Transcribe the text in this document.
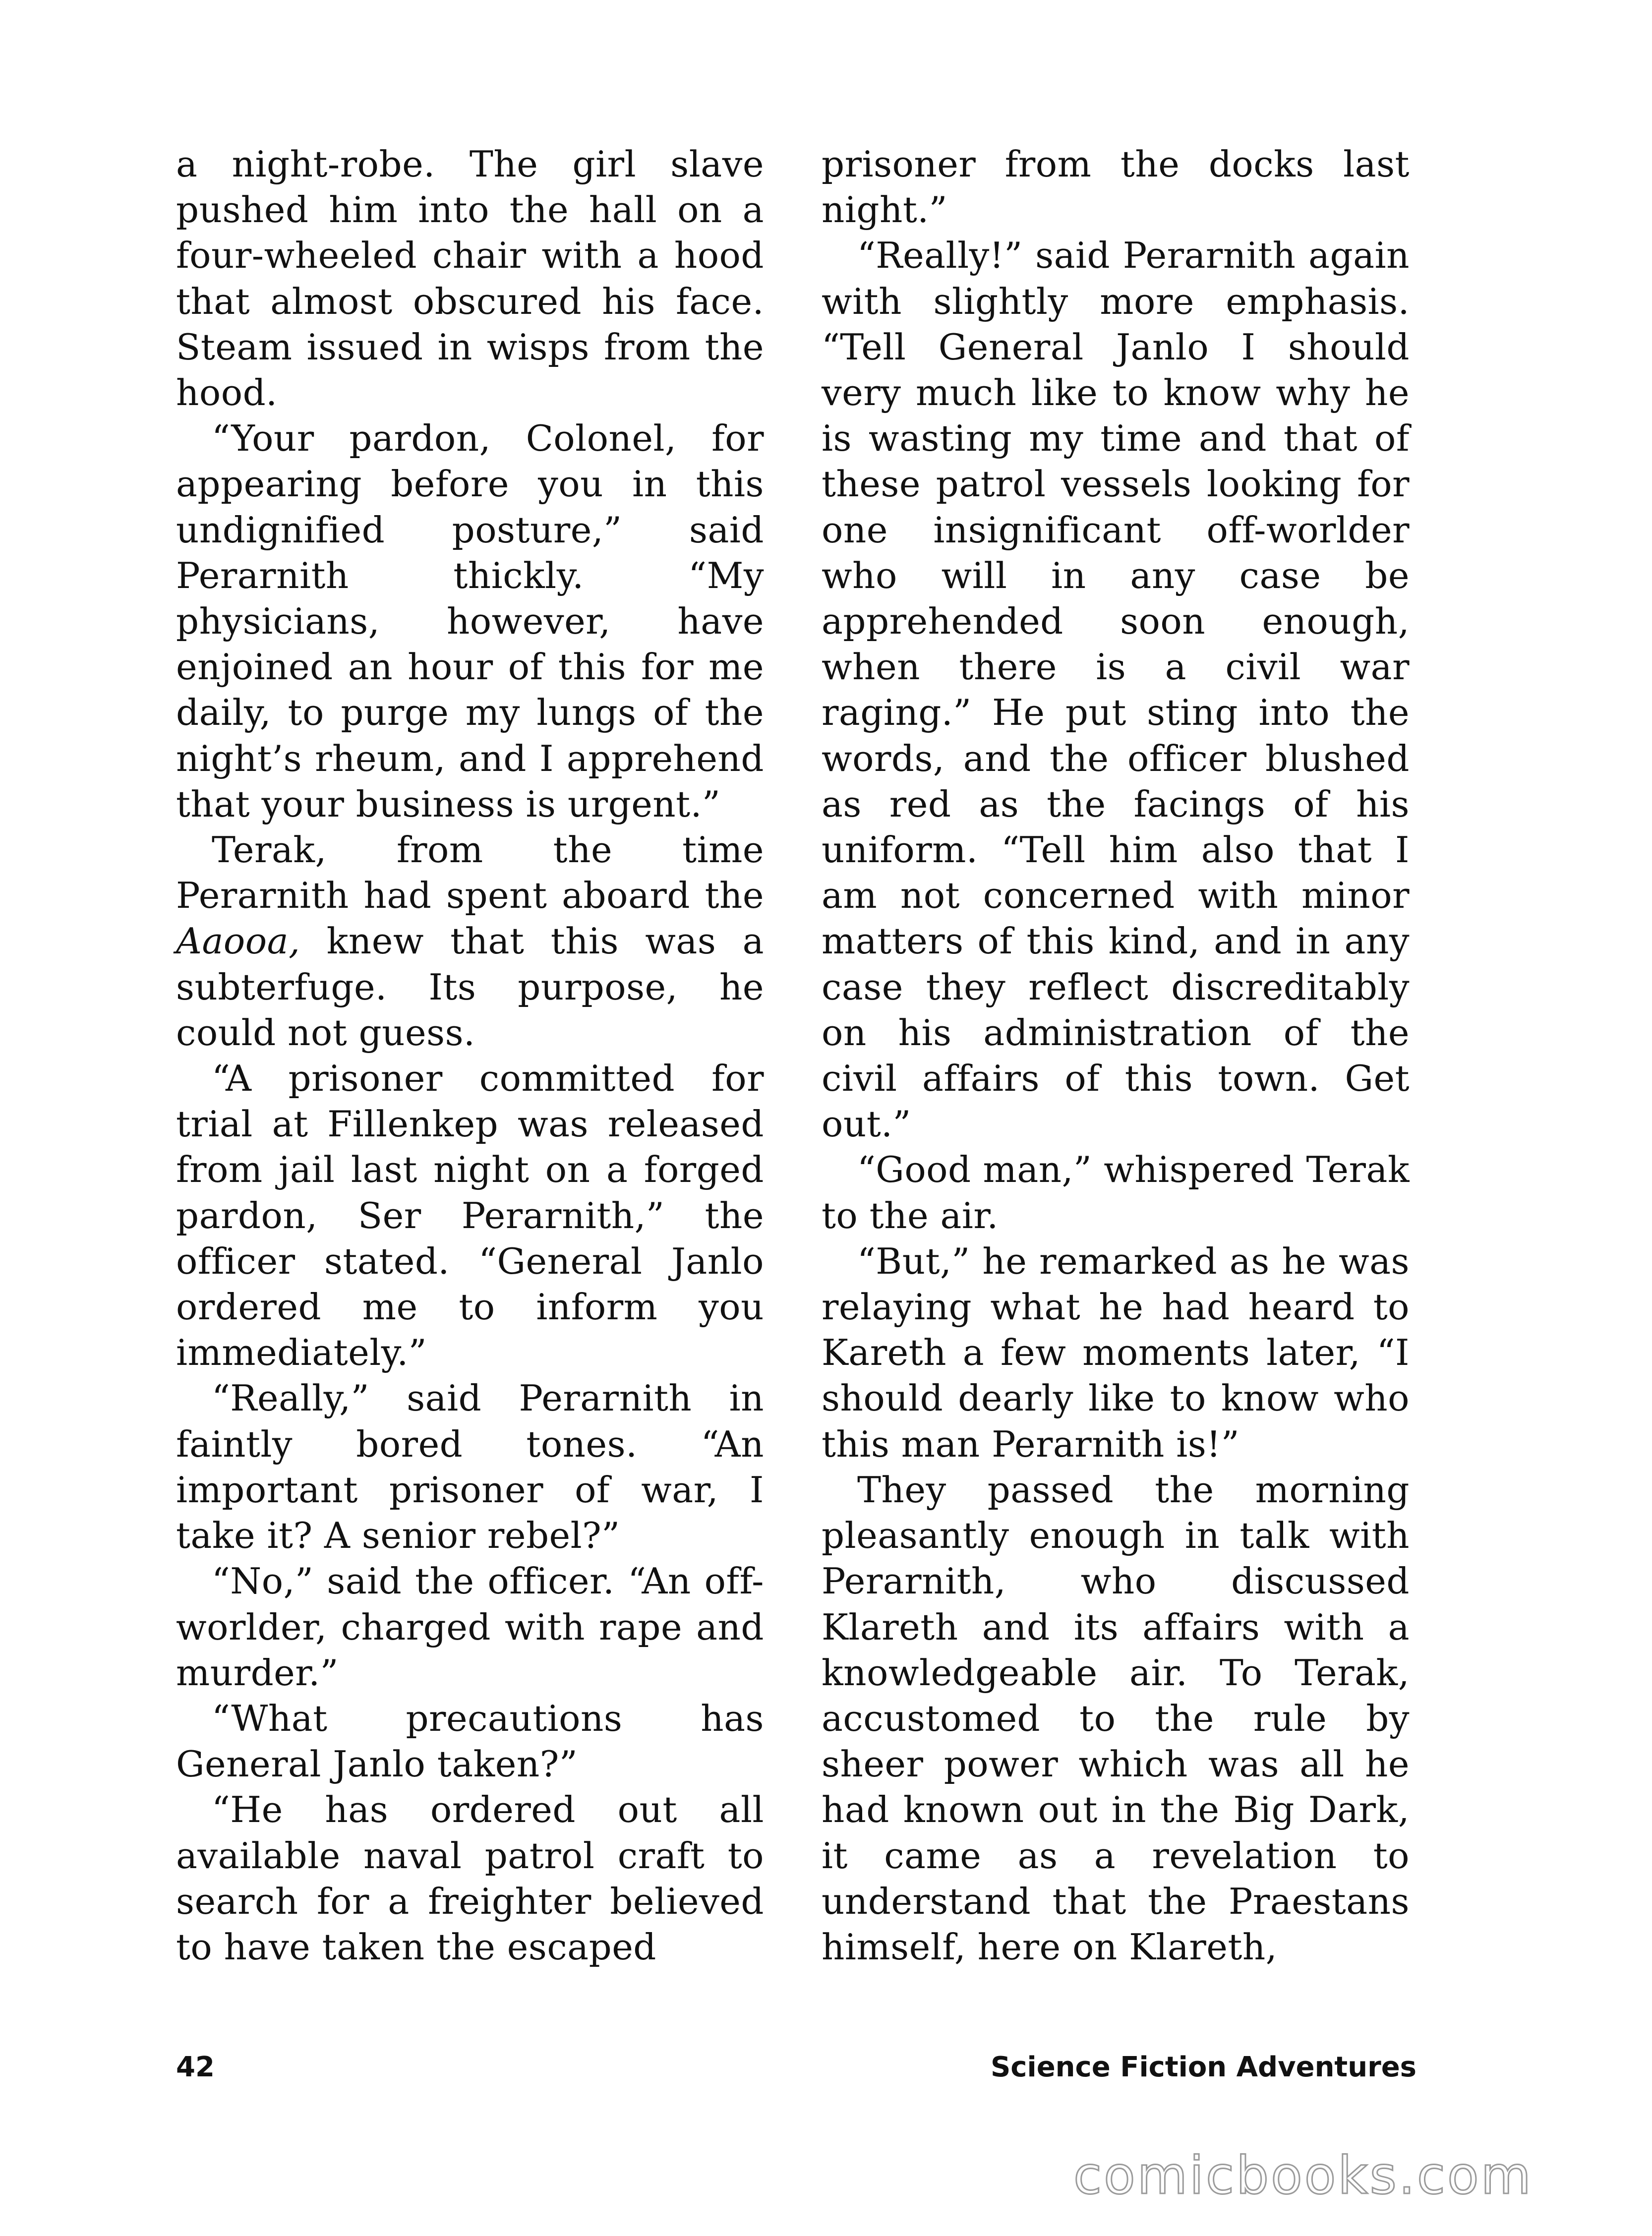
a night-robe. The girl slave pushed him into the hall on a four-wheeled chair with a hood that almost obscured his face. Steam issued in wisps from the hood.

“Your pardon, Colonel, for appearing before you in this undignified posture,” said Perarnith thickly. “My physicians, however, have enjoined an hour of this for me daily, to purge my lungs of the night’s rheum, and I apprehend that your business is urgent.”

Terak, from the time Perarnith had spent aboard the Aaooa, knew that this was a subterfuge. Its purpose, he could not guess.

“A prisoner committed for trial at Fillenkep was released from jail last night on a forged pardon, Ser Perarnith,” the officer stated. “General Janlo ordered me to inform you immediately.”

“Really,” said Perarnith in faintly bored tones. “An important prisoner of war, I take it? A senior rebel?”

“No,” said the officer. “An off-worlder, charged with rape and murder.”

“What precautions has General Janlo taken?”

“He has ordered out all available naval patrol craft to search for a freighter believed to have taken the escaped

prisoner from the docks last night.”

“Really!” said Perarnith again with slightly more emphasis. “Tell General Janlo I should very much like to know why he is wasting my time and that of these patrol vessels looking for one insignificant off-worlder who will in any case be apprehended soon enough, when there is a civil war raging.” He put sting into the words, and the officer blushed as red as the facings of his uniform. “Tell him also that I am not concerned with minor matters of this kind, and in any case they reflect discreditably on his administration of the civil affairs of this town. Get out.”

“Good man,” whispered Terak to the air.

“But,” he remarked as he was relaying what he had heard to Kareth a few moments later, “I should dearly like to know who this man Perarnith is!”

They passed the morning pleasantly enough in talk with Perarnith, who discussed Klareth and its affairs with a knowledgeable air. To Terak, accustomed to the rule by sheer power which was all he had known out in the Big Dark, it came as a revelation to understand that the Praestans himself, here on Klareth,

42	Science Fiction Adventures
comicbooks.com
